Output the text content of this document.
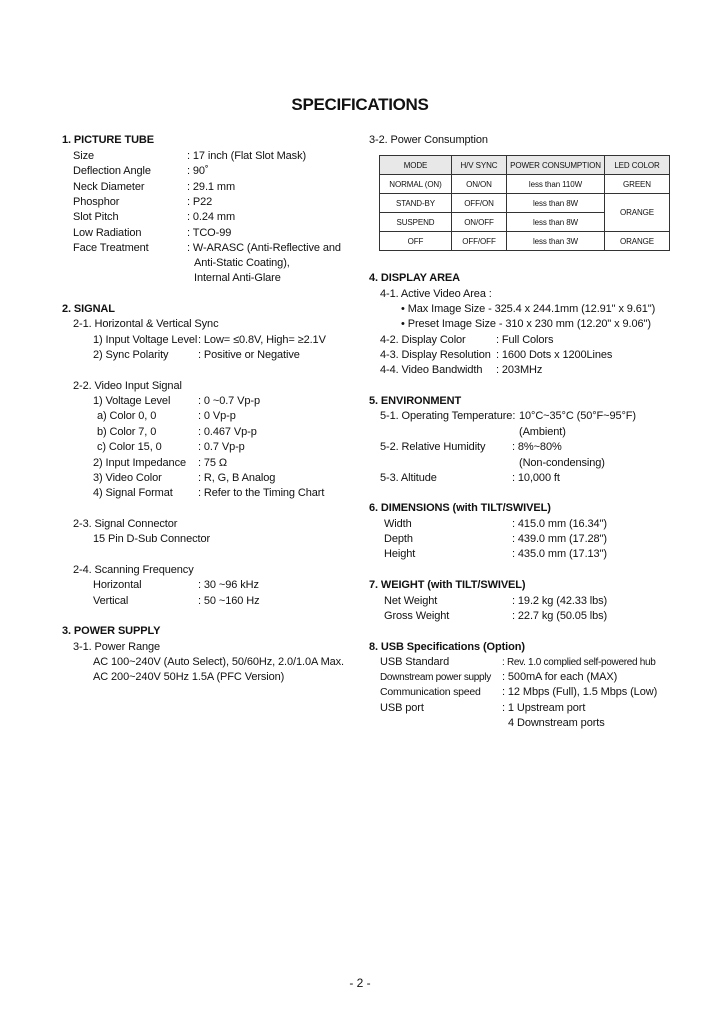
SPECIFICATIONS
1. PICTURE TUBE
Size	: 17 inch (Flat Slot Mask)
Deflection Angle	: 90˚
Neck Diameter	: 29.1 mm
Phosphor	: P22
Slot Pitch	: 0.24 mm
Low Radiation	: TCO-99
Face Treatment	: W-ARASC (Anti-Reflective and
Anti-Static Coating),
Internal Anti-Glare
2. SIGNAL
2-1. Horizontal & Vertical Sync
1) Input Voltage Level : Low= ≤0.8V, High= ≥2.1V
2) Sync Polarity	: Positive or Negative
2-2. Video Input Signal
1) Voltage Level	: 0 ~0.7 Vp-p
a) Color 0, 0	: 0 Vp-p
b) Color 7, 0	: 0.467 Vp-p
c) Color 15, 0	: 0.7 Vp-p
2) Input Impedance : 75 Ω
3) Video Color	: R, G, B Analog
4) Signal Format : Refer to the Timing Chart
2-3. Signal Connector
15 Pin D-Sub Connector
2-4. Scanning Frequency
Horizontal	: 30 ~96 kHz
Vertical	: 50 ~160 Hz
3. POWER SUPPLY
3-1. Power Range
AC 100~240V (Auto Select), 50/60Hz, 2.0/1.0A Max.
AC 200~240V 50Hz 1.5A (PFC Version)
3-2. Power Consumption
MODE	H/V SYNC	POWER CONSUMPTION	LED COLOR
NORMAL (ON)	ON/ON	less than 110W	GREEN
STAND-BY	OFF/ON	less than 8W	ORANGE
SUSPEND	ON/OFF	less than 8W	
OFF	OFF/OFF	less than 3W	ORANGE
4. DISPLAY AREA
4-1. Active Video Area :
• Max Image Size - 325.4 x 244.1mm (12.91" x 9.61")
• Preset Image Size - 310 x 230 mm (12.20" x 9.06")
4-2. Display Color	: Full Colors
4-3. Display Resolution : 1600 Dots x 1200Lines
4-4. Video Bandwidth : 203MHz
5. ENVIRONMENT
5-1. Operating Temperature: 10°C~35°C (50°F~95°F)
(Ambient)
5-2. Relative Humidity : 8%~80%
(Non-condensing)
5-3. Altitude	: 10,000 ft
6. DIMENSIONS (with TILT/SWIVEL)
Width	: 415.0 mm (16.34")
Depth	: 439.0 mm (17.28")
Height	: 435.0 mm (17.13")
7. WEIGHT (with TILT/SWIVEL)
Net Weight	: 19.2 kg (42.33 lbs)
Gross Weight	: 22.7 kg (50.05 lbs)
8. USB Specifications (Option)
USB Standard	: Rev. 1.0 complied self-powered hub
Downstream power supply : 500mA for each (MAX)
Communication speed : 12 Mbps (Full), 1.5 Mbps (Low)
USB port	: 1 Upstream port
4 Downstream ports
- 2 -
